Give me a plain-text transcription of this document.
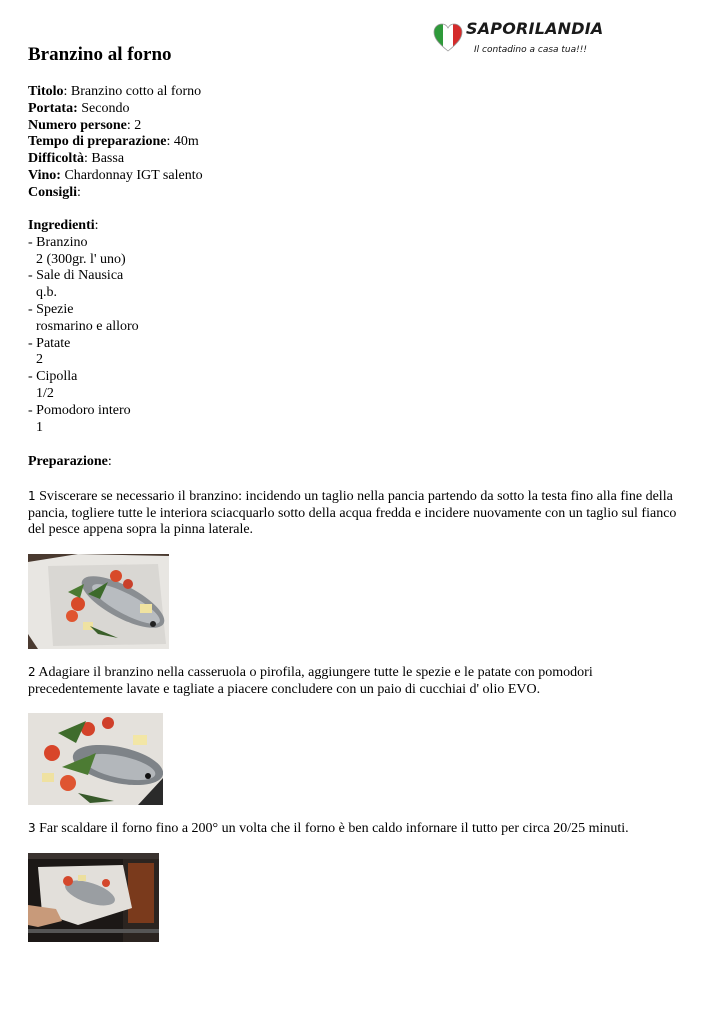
SAPORILANDIA
Il contadino a casa tua!!!
Branzino al forno
Titolo: Branzino cotto al forno
Portata: Secondo
Numero persone: 2
Tempo di preparazione: 40m
Difficoltà: Bassa
Vino: Chardonnay IGT salento
Consigli:
Ingredienti:
- Branzino
2 (300gr. l' uno)
- Sale di Nausica
q.b.
- Spezie
rosmarino e alloro
- Patate
2
- Cipolla
1/2
- Pomodoro intero
1
Preparazione:
1 Sviscerare se necessario il branzino: incidendo un taglio nella pancia partendo da sotto la testa fino alla fine della pancia, togliere tutte le interiora sciacquarlo sotto della acqua fredda e incidere nuovamente con un taglio sul fianco del pesce appena sopra la pinna laterale.
2 Adagiare il branzino nella casseruola o pirofila, aggiungere tutte le spezie e le patate con pomodori precedentemente lavate e tagliate a piacere concludere con un paio di cucchiai d' olio EVO.
3 Far scaldare il forno fino a 200° un volta che il forno è ben caldo infornare il tutto per circa 20/25 minuti.
